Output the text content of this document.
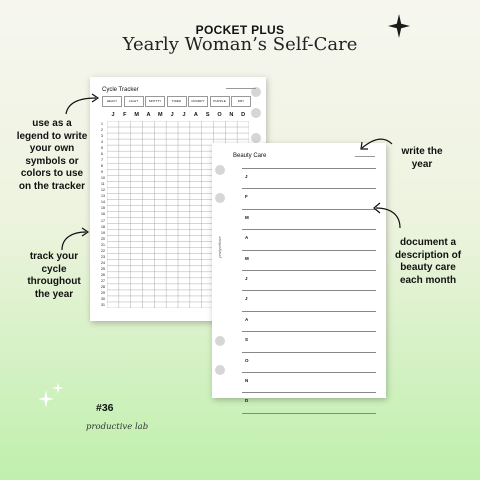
POCKET PLUS
Yearly Woman’s Self-Care
Cycle Tracker
HEAVY	LIGHT	SPOTTY	TIRED	CRAMPY	PURPLE	DRY
J	F	M	A	M	J	J	A	S	O	N	D
1
2
3
4
5
6
7
8
9
10
11
12
13
14
15
16
17
18
19
20
21
22
23
24
25
26
27
28
29
30
31
Beauty Care
yearlyselfcare
J
F
M
A
M
J
J
A
S
O
N
D
use as a legend to write your own symbols or colors to use on the tracker
track your cycle throughout the year
write the year
document a description of beauty care each month
#36
productive lab
